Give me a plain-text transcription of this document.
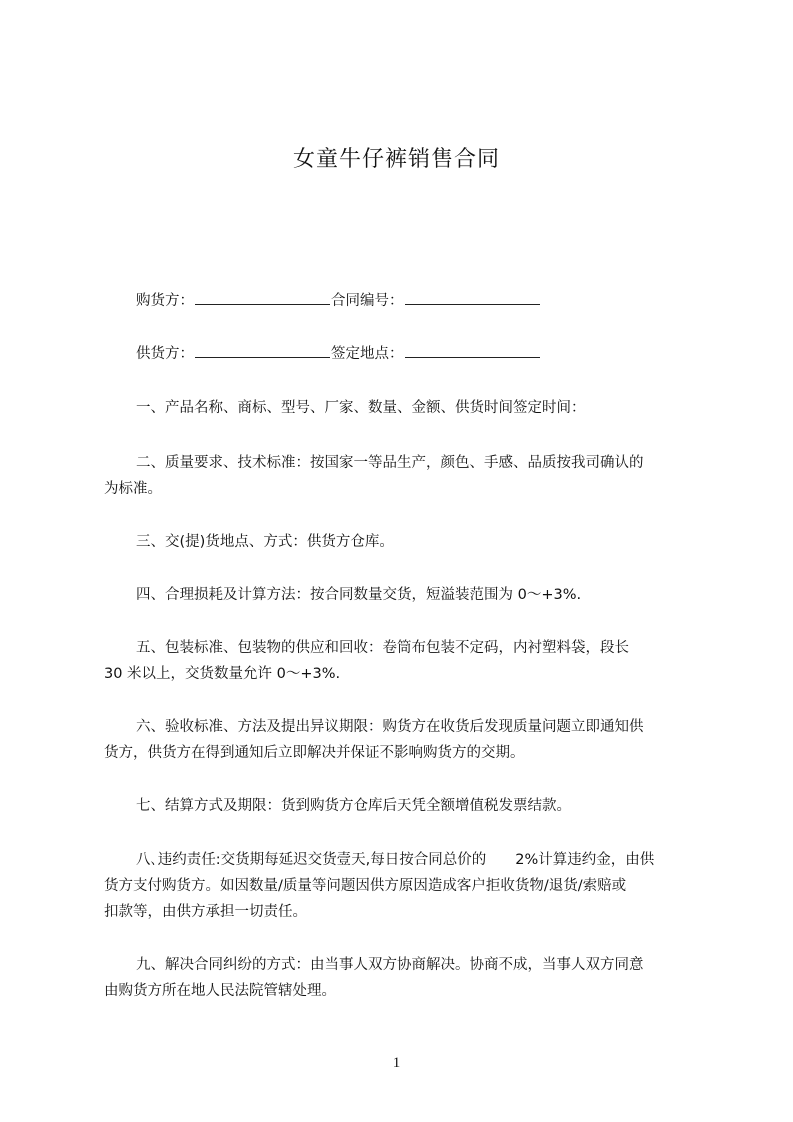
女童牛仔裤销售合同
购货方：	合同编号：
供货方：	签定地点：
一、产品名称、商标、型号、厂家、数量、金额、供货时间签定时间：
二、质量要求、技术标准：按国家一等品生产，颜色、手感、品质按我司确认的
为标准。
三、交(提)货地点、方式：供货方仓库。
四、合理损耗及计算方法：按合同数量交货，短溢装范围为 0～+3%.
五、包装标准、包装物的供应和回收：卷筒布包装不定码，内衬塑料袋，段长
30 米以上，交货数量允许 0～+3%.
六、验收标准、方法及提出异议期限：购货方在收货后发现质量问题立即通知供
货方，供货方在得到通知后立即解决并保证不影响购货方的交期。
七、结算方式及期限：货到购货方仓库后天凭全额增值税发票结款。
八､违约责任:交货期每延迟交货壹天,每日按合同总价的　　2%计算违约金，由供
货方支付购货方。如因数量/质量等问题因供方原因造成客户拒收货物/退货/索赔或
扣款等，由供方承担一切责任。
九、解决合同纠纷的方式：由当事人双方协商解决。协商不成，当事人双方同意
由购货方所在地人民法院管辖处理。
1
